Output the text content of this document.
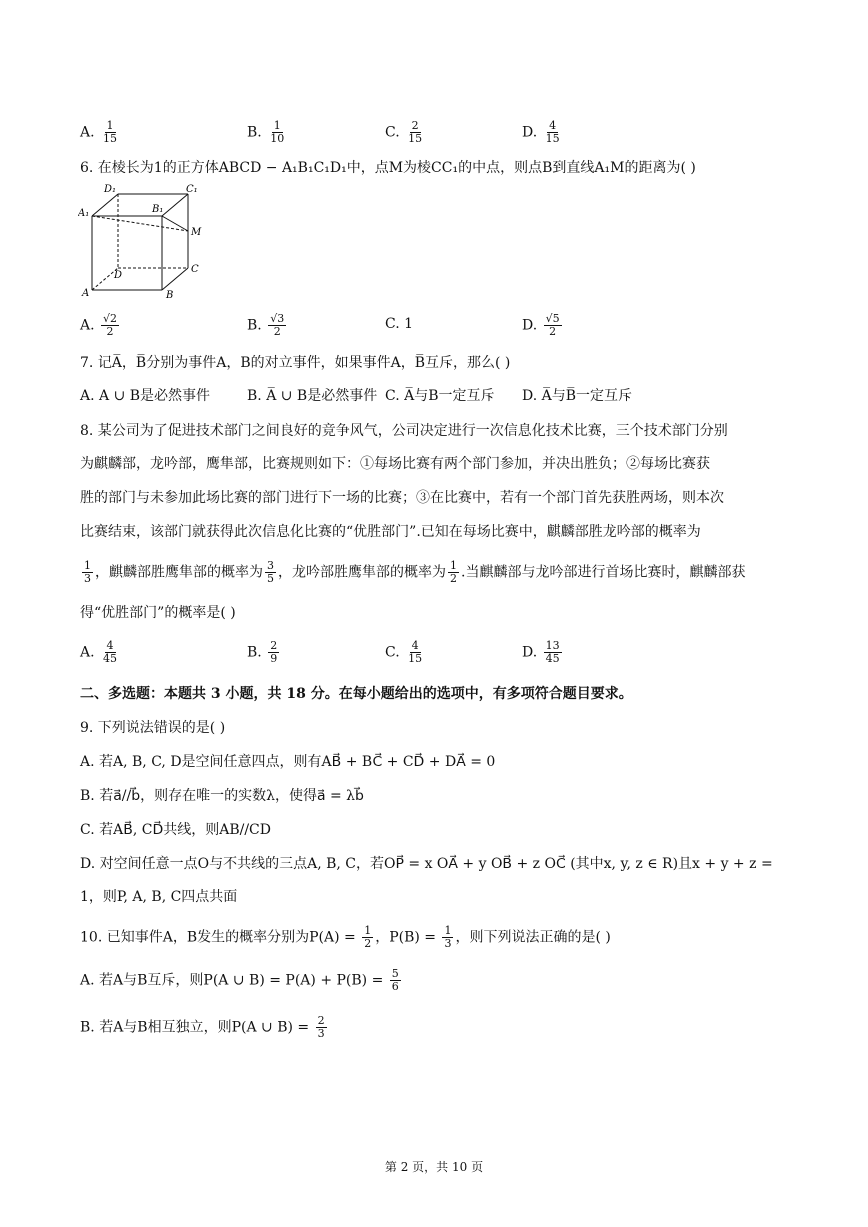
A. $\frac{1}{15}$	B. $\frac{1}{10}$	C. $\frac{2}{15}$	D. $\frac{4}{15}$
6. 在棱长为1的正方体ABCD − A₁B₁C₁D₁中，点M为棱CC₁的中点，则点B到直线A₁M的距离为( )
D₁	C₁
A₁	B₁
M
D
C
A	B
A. $\frac{√2}{2}$	B. $\frac{√3}{2}$	C. 1	D. $\frac{√5}{2}$
7. 记A̅，B̅分别为事件A，B的对立事件，如果事件A，B̅互斥，那么( )
A. A ∪ B是必然事件	B. A̅ ∪ B是必然事件 C. A̅与B一定互斥 D. A̅与B̅一定互斥
8. 某公司为了促进技术部门之间良好的竞争风气，公司决定进行一次信息化技术比赛，三个技术部门分别
为麒麟部，龙吟部，鹰隼部，比赛规则如下：①每场比赛有两个部门参加，并决出胜负；②每场比赛获
胜的部门与未参加此场比赛的部门进行下一场的比赛；③在比赛中，若有一个部门首先获胜两场，则本次
比赛结束，该部门就获得此次信息化比赛的“优胜部门”.已知在每场比赛中，麒麟部胜龙吟部的概率为
$\frac{1}{3}$ ，麒麟部胜鹰隼部的概率为 $\frac{3}{5}$ ，龙吟部胜鹰隼部的概率为 $\frac{1}{2}$ .当麒麟部与龙吟部进行首场比赛时，麒麟部获
得“优胜部门”的概率是( )
A. $\frac{4}{45}$	B. $\frac{2}{9}$	C. $\frac{4}{15}$	D. $\frac{13}{45}$
二、多选题：本题共 3 小题，共 18 分。在每小题给出的选项中，有多项符合题目要求。
9. 下列说法错误的是( )
A. 若A, B, C, D是空间任意四点，则有AB⃗ + BC⃗ + CD⃗ + DA⃗ = 0
B. 若a⃗//b⃗，则存在唯一的实数λ，使得a⃗ = λb⃗
C. 若AB⃗, CD⃗共线，则AB//CD
D. 对空间任意一点O与不共线的三点A, B, C，若OP⃗ = x OA⃗ + y OB⃗ + z OC⃗ (其中x, y, z ∈ R)且x + y + z =
1，则P, A, B, C四点共面
10. 已知事件A，B发生的概率分别为$P(A) = \frac{1}{2}$ ，$P(B) = \frac{1}{3}$ ，则下列说法正确的是( )
A. 若A与B互斥，则P(A ∪ $B) = P(A) + P(B) = \frac{5}{6}$
B. 若A与B相互独立，则P(A ∪ $B) = \frac{2}{3}$
第 2 页，共 10 页
